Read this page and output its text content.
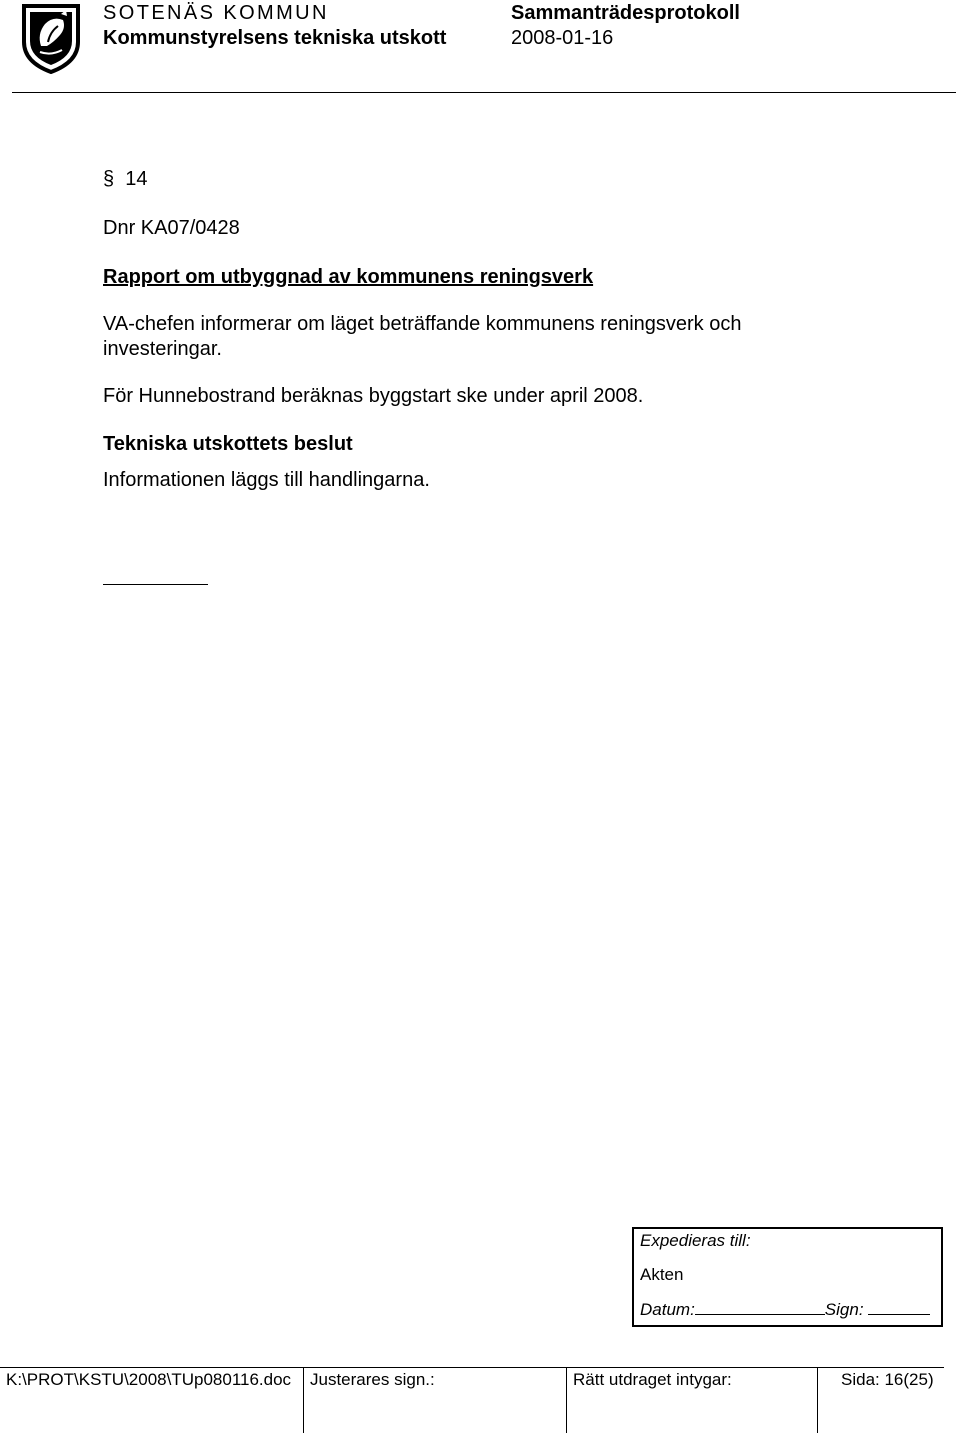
SOTENÄS KOMMUN
Kommunstyrelsens tekniska utskott
Sammanträdesprotokoll
2008-01-16
§ 14
Dnr KA07/0428
Rapport om utbyggnad av kommunens reningsverk
VA-chefen informerar om läget beträffande kommunens reningsverk och investeringar.
För Hunnebostrand beräknas byggstart ske under april 2008.
Tekniska utskottets beslut
Informationen läggs till handlingarna.
Expedieras till:
Akten
Datum:	Sign:
K:\PROT\KSTU\2008\TUp080116.doc Justerares sign.:	Rätt utdraget intygar:	Sida: 16(25)
